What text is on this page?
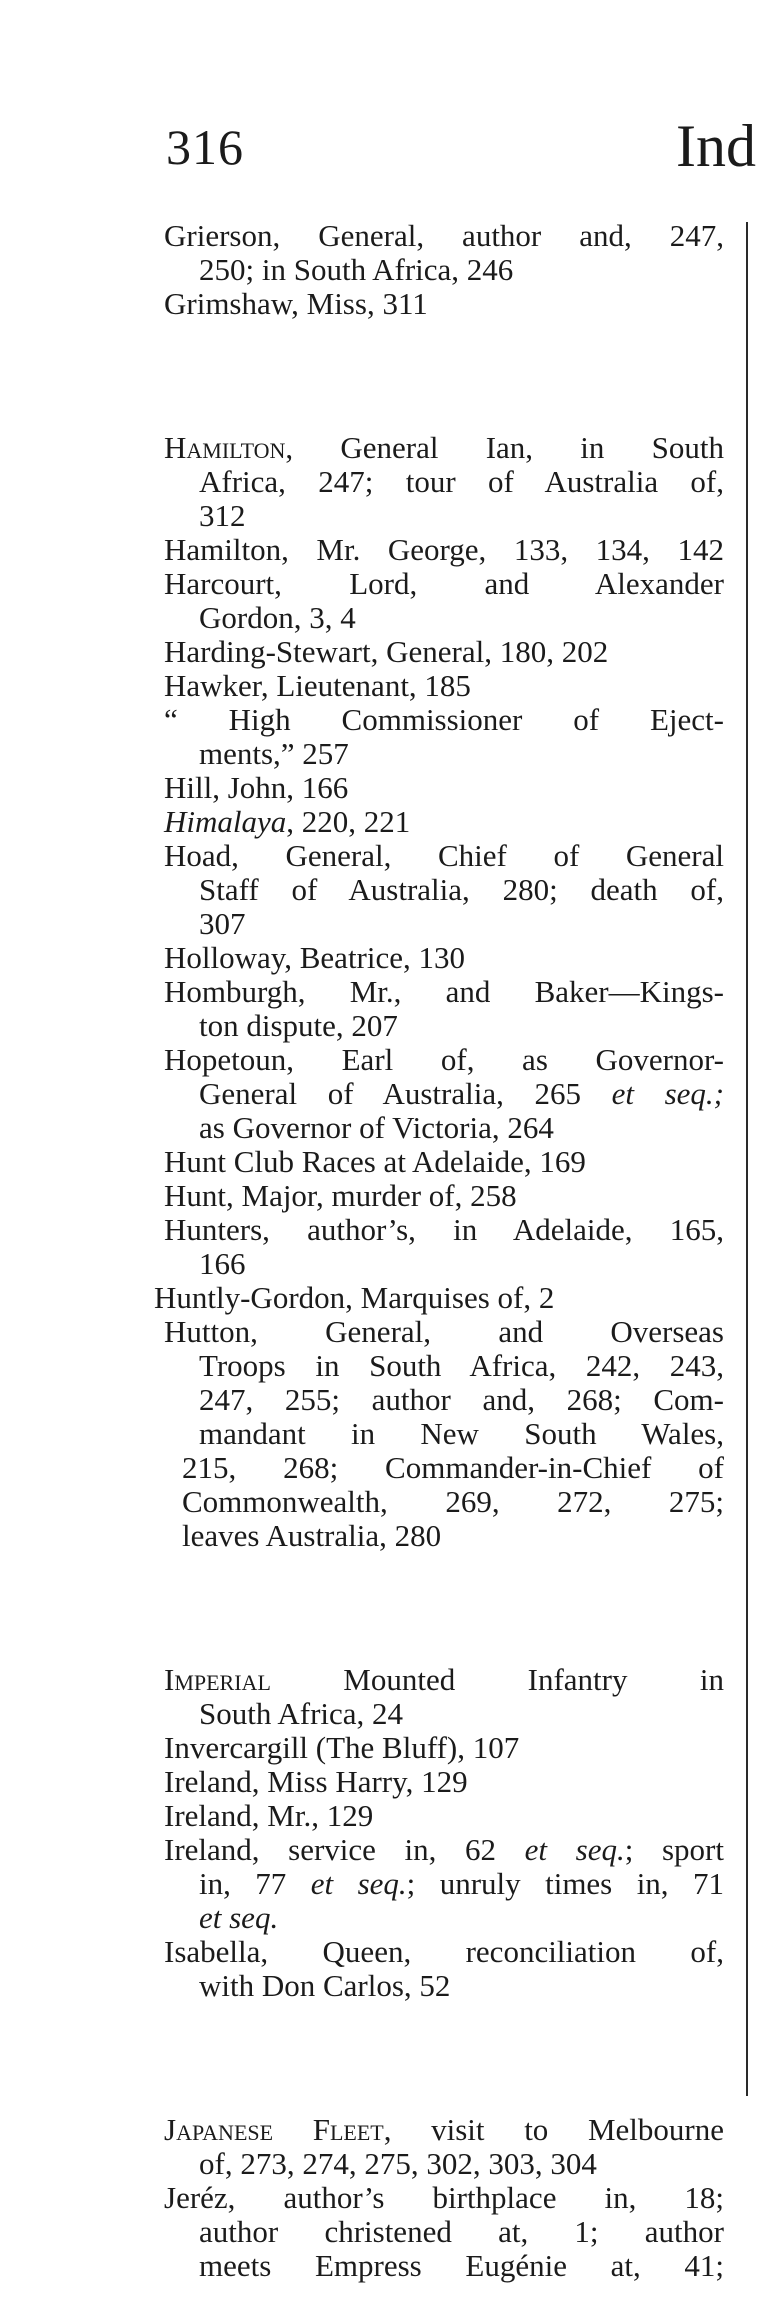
316	Ind
Grierson, General, author and, 247,
250; in South Africa, 246
Grimshaw, Miss, 311
Hamilton, General Ian, in South
Africa, 247; tour of Australia of,
312
Hamilton, Mr. George, 133, 134, 142
Harcourt, Lord, and Alexander
Gordon, 3, 4
Harding-Stewart, General, 180, 202
Hawker, Lieutenant, 185
“ High Commissioner of Eject-
ments,” 257
Hill, John, 166
Himalaya, 220, 221
Hoad, General, Chief of General
Staff of Australia, 280; death of,
307
Holloway, Beatrice, 130
Homburgh, Mr., and Baker—Kings-
ton dispute, 207
Hopetoun, Earl of, as Governor-
General of Australia, 265 et seq.;
as Governor of Victoria, 264
Hunt Club Races at Adelaide, 169
Hunt, Major, murder of, 258
Hunters, author’s, in Adelaide, 165,
166
Huntly-Gordon, Marquises of, 2
Hutton, General, and Overseas
Troops in South Africa, 242, 243,
247, 255; author and, 268; Com-
mandant in New South Wales,
215, 268; Commander-in-Chief of
Commonwealth, 269, 272, 275;
leaves Australia, 280
Imperial Mounted Infantry in
South Africa, 24
Invercargill (The Bluff), 107
Ireland, Miss Harry, 129
Ireland, Mr., 129
Ireland, service in, 62 et seq.; sport
in, 77 et seq.; unruly times in, 71
et seq.
Isabella, Queen, reconciliation of,
with Don Carlos, 52
Japanese Fleet, visit to Melbourne
of, 273, 274, 275, 302, 303, 304
Jeréz, author’s birthplace in, 18;
author christened at, 1; author
meets Empress Eugénie at, 41;
